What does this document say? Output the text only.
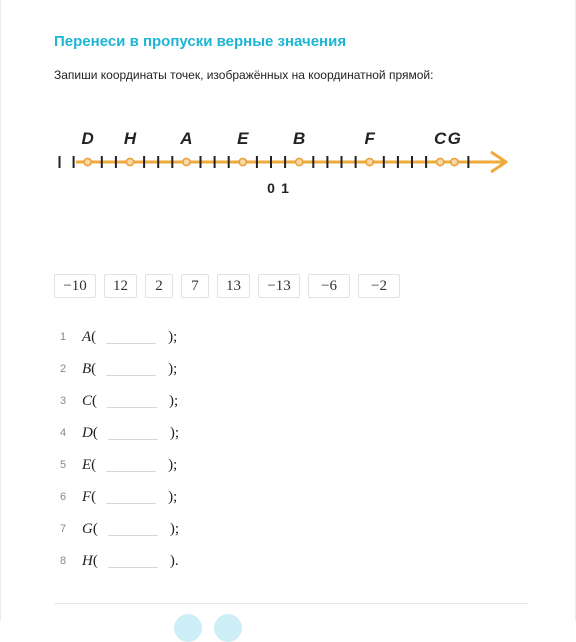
Перенеси в пропуски верные значения

Запиши координаты точек, изображённых на координатной прямой:

D H	A	E	B	F	C G
0 1
−10	12	2	7	13	−13	−6	−2
1	A (	);
2	B (	);
3	C (	);
4	D (	);
5	E (	);
6	F (	);
7	G (	);
8	H (	).
